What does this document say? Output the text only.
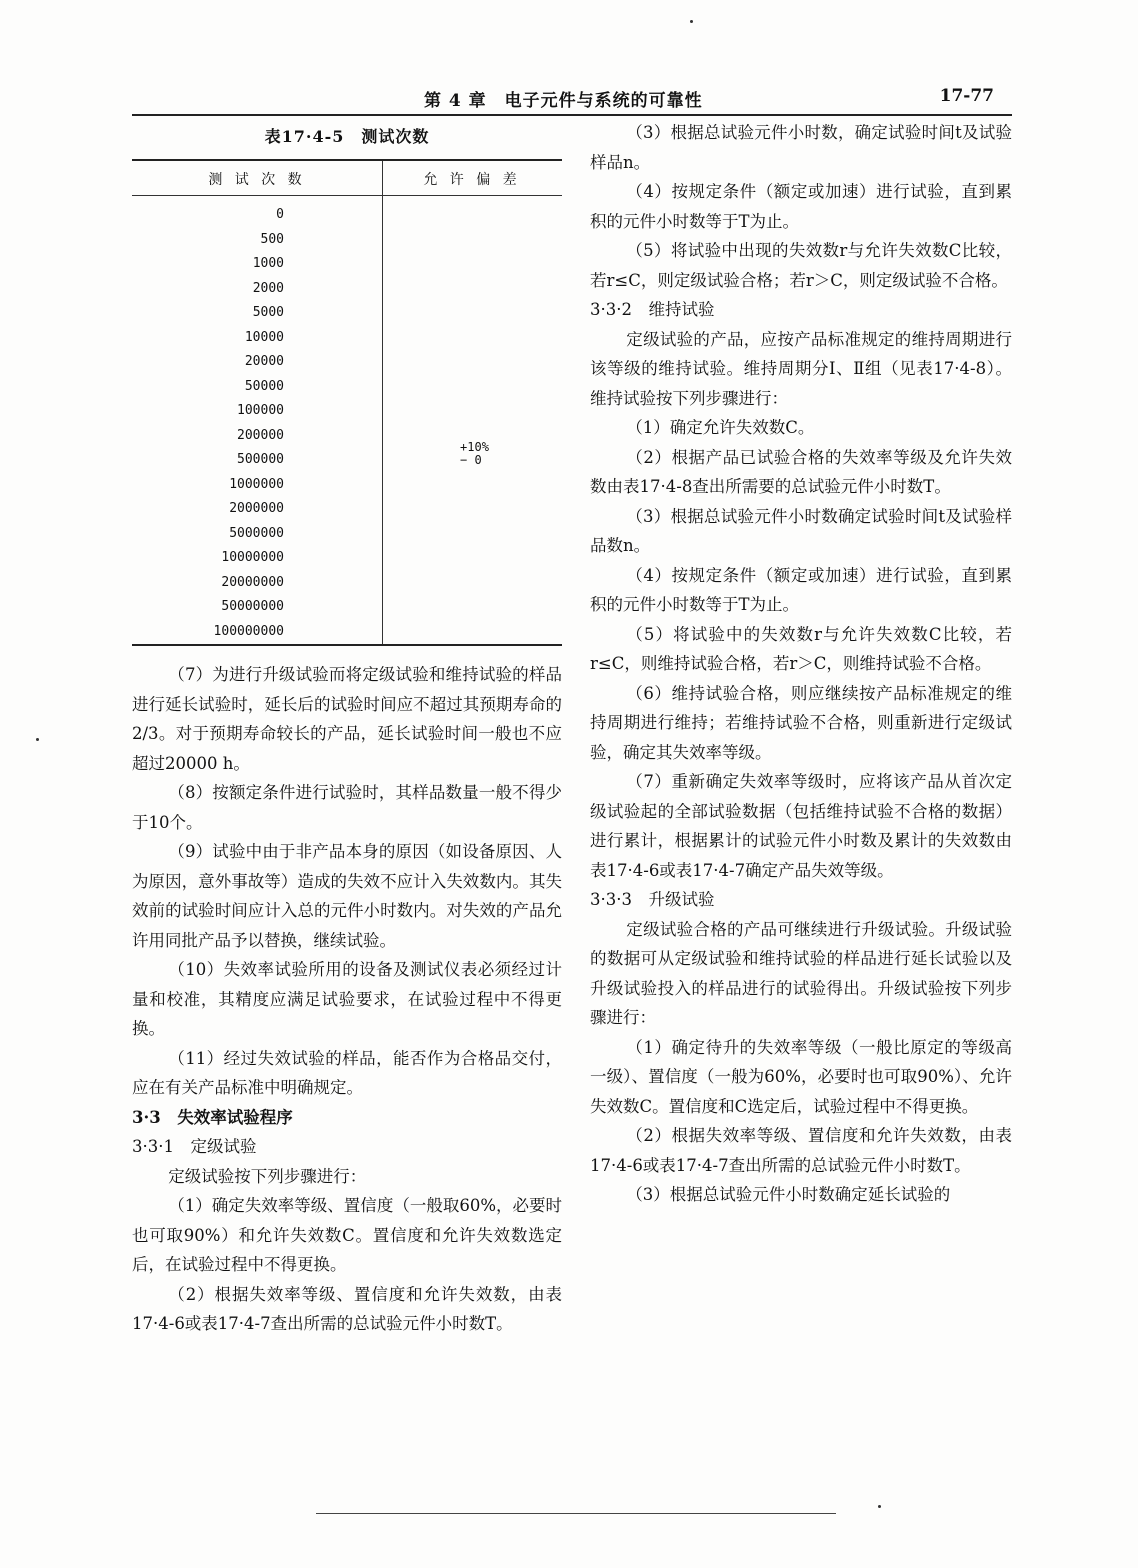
第 4 章　电子元件与系统的可靠性	17-77
表17·4-5　测试次数
测 试 次 数	允 许 偏 差
0
500
1000
2000
5000
10000
20000
50000
100000
200000
500000
1000000
2000000
5000000
10000000
20000000
50000000
100000000
+10%
− 0

（7）为进行升级试验而将定级试验和维持试验的样品进行延长试验时，延长后的试验时间应不超过其预期寿命的2/3。对于预期寿命较长的产品，延长试验时间一般也不应超过20000 h。

（8）按额定条件进行试验时，其样品数量一般不得少于10个。

（9）试验中由于非产品本身的原因（如设备原因、人为原因，意外事故等）造成的失效不应计入失效数内。其失效前的试验时间应计入总的元件小时数内。对失效的产品允许用同批产品予以替换，继续试验。

（10）失效率试验所用的设备及测试仪表必须经过计量和校准，其精度应满足试验要求，在试验过程中不得更换。

（11）经过失效试验的样品，能否作为合格品交付，应在有关产品标准中明确规定。

3·3　失效率试验程序

3·3·1　定级试验

定级试验按下列步骤进行：

（1）确定失效率等级、置信度（一般取60%，必要时也可取90%）和允许失效数C。置信度和允许失效数选定后，在试验过程中不得更换。

（2）根据失效率等级、置信度和允许失效数，由表17·4-6或表17·4-7查出所需的总试验元件小时数T。

（3）根据总试验元件小时数，确定试验时间t及试验样品n。

（4）按规定条件（额定或加速）进行试验，直到累积的元件小时数等于T为止。

（5）将试验中出现的失效数r与允许失效数C比较，若r≤C，则定级试验合格；若r＞C，则定级试验不合格。

3·3·2　维持试验

定级试验的产品，应按产品标准规定的维持周期进行该等级的维持试验。维持周期分Ⅰ、Ⅱ组（见表17·4-8）。维持试验按下列步骤进行：

（1）确定允许失效数C。

（2）根据产品已试验合格的失效率等级及允许失效数由表17·4-8查出所需要的总试验元件小时数T。

（3）根据总试验元件小时数确定试验时间t及试验样品数n。

（4）按规定条件（额定或加速）进行试验，直到累积的元件小时数等于T为止。

（5）将试验中的失效数r与允许失效数C比较，若r≤C，则维持试验合格，若r＞C，则维持试验不合格。

（6）维持试验合格，则应继续按产品标准规定的维持周期进行维持；若维持试验不合格，则重新进行定级试验，确定其失效率等级。

（7）重新确定失效率等级时，应将该产品从首次定级试验起的全部试验数据（包括维持试验不合格的数据）进行累计，根据累计的试验元件小时数及累计的失效数由表17·4-6或表17·4-7确定产品失效等级。

3·3·3　升级试验

定级试验合格的产品可继续进行升级试验。升级试验的数据可从定级试验和维持试验的样品进行延长试验以及升级试验投入的样品进行的试验得出。升级试验按下列步骤进行：

（1）确定待升的失效率等级（一般比原定的等级高一级）、置信度（一般为60%，必要时也可取90%）、允许失效数C。置信度和C选定后，试验过程中不得更换。

（2）根据失效率等级、置信度和允许失效数，由表17·4-6或表17·4-7查出所需的总试验元件小时数T。

（3）根据总试验元件小时数确定延长试验的
